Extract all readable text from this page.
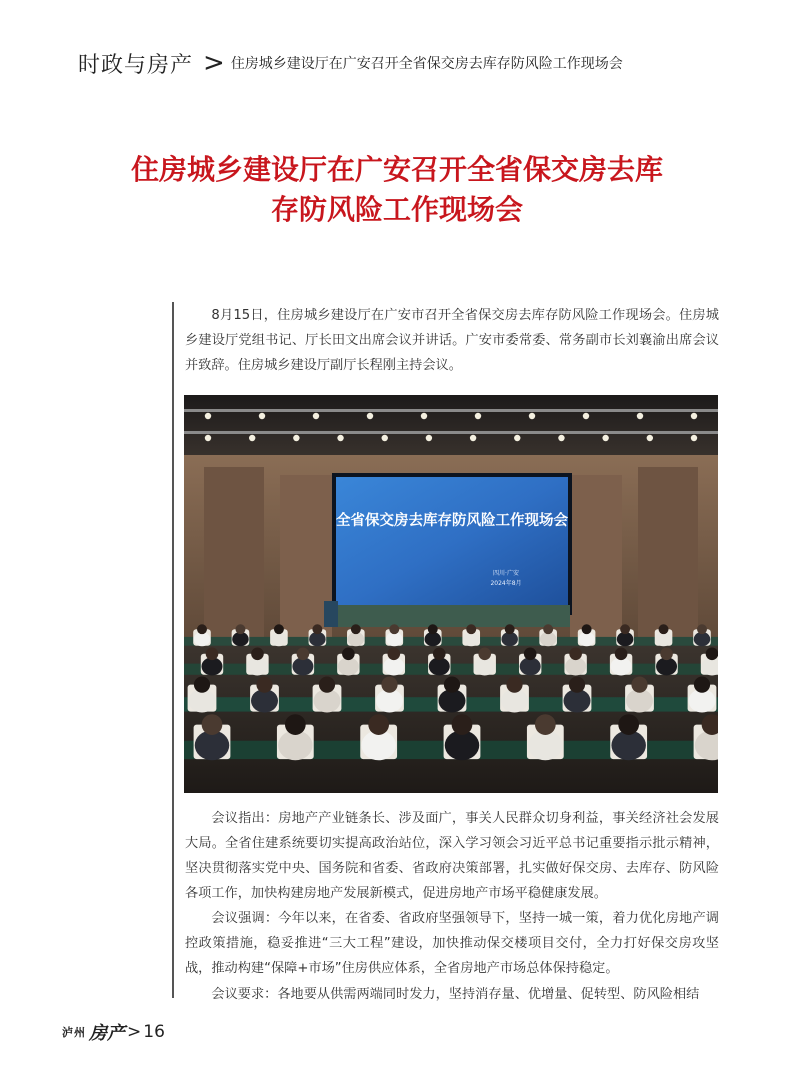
时政与房产 > 住房城乡建设厅在广安召开全省保交房去库存防风险工作现场会
住房城乡建设厅在广安召开全省保交房去库
存防风险工作现场会

8月15日，住房城乡建设厅在广安市召开全省保交房去库存防风险工作现场会。住房城乡建设厅党组书记、厅长田文出席会议并讲话。广安市委常委、常务副市长刘襄渝出席会议并致辞。住房城乡建设厅副厅长程刚主持会议。

全省保交房去库存防风险工作现场会
四川·广安
2024年8月

会议指出：房地产产业链条长、涉及面广，事关人民群众切身利益，事关经济社会发展大局。全省住建系统要切实提高政治站位，深入学习领会习近平总书记重要指示批示精神，坚决贯彻落实党中央、国务院和省委、省政府决策部署，扎实做好保交房、去库存、防风险各项工作，加快构建房地产发展新模式，促进房地产市场平稳健康发展。

会议强调：今年以来，在省委、省政府坚强领导下，坚持一城一策，着力优化房地产调控政策措施，稳妥推进“三大工程”建设，加快推动保交楼项目交付，全力打好保交房攻坚战，推动构建“保障+市场”住房供应体系，全省房地产市场总体保持稳定。

会议要求：各地要从供需两端同时发力，坚持消存量、优增量、促转型、防风险相结

泸州 房产 > 16
